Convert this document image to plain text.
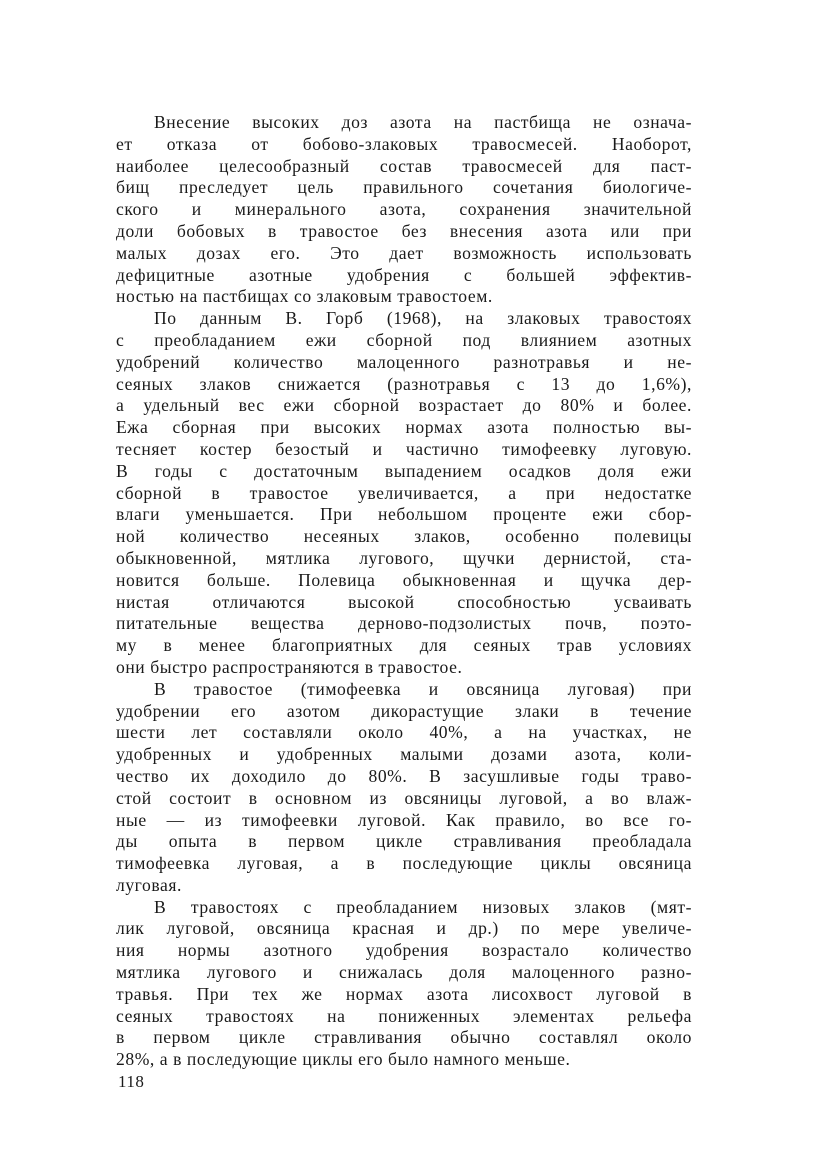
Внесение высоких доз азота на пастбища не означа-
ет отказа от бобово-злаковых травосмесей. Наоборот,
наиболее целесообразный состав травосмесей для паст-
бищ преследует цель правильного сочетания биологиче-
ского и минерального азота, сохранения значительной
доли бобовых в травостое без внесения азота или при
малых дозах его. Это дает возможность использовать
дефицитные азотные удобрения с большей эффектив-
ностью на пастбищах со злаковым травостоем.

По данным В. Горб (1968), на злаковых травостоях
с преобладанием ежи сборной под влиянием азотных
удобрений количество малоценного разнотравья и не-
сеяных злаков снижается (разнотравья с 13 до 1,6%),
а удельный вес ежи сборной возрастает до 80% и более.
Ежа сборная при высоких нормах азота полностью вы-
тесняет костер безостый и частично тимофеевку луговую.
В годы с достаточным выпадением осадков доля ежи
сборной в травостое увеличивается, а при недостатке
влаги уменьшается. При небольшом проценте ежи сбор-
ной количество несеяных злаков, особенно полевицы
обыкновенной, мятлика лугового, щучки дернистой, ста-
новится больше. Полевица обыкновенная и щучка дер-
нистая отличаются высокой способностью усваивать
питательные вещества дерново-подзолистых почв, поэто-
му в менее благоприятных для сеяных трав условиях
они быстро распространяются в травостое.

В травостое (тимофеевка и овсяница луговая) при
удобрении его азотом дикорастущие злаки в течение
шести лет составляли около 40%, а на участках, не
удобренных и удобренных малыми дозами азота, коли-
чество их доходило до 80%. В засушливые годы траво-
стой состоит в основном из овсяницы луговой, а во влаж-
ные — из тимофеевки луговой. Как правило, во все го-
ды опыта в первом цикле стравливания преобладала
тимофеевка луговая, а в последующие циклы овсяница
луговая.

В травостоях с преобладанием низовых злаков (мят-
лик луговой, овсяница красная и др.) по мере увеличе-
ния нормы азотного удобрения возрастало количество
мятлика лугового и снижалась доля малоценного разно-
травья. При тех же нормах азота лисохвост луговой в
сеяных травостоях на пониженных элементах рельефа
в первом цикле стравливания обычно составлял около
28%, а в последующие циклы его было намного меньше.

118
